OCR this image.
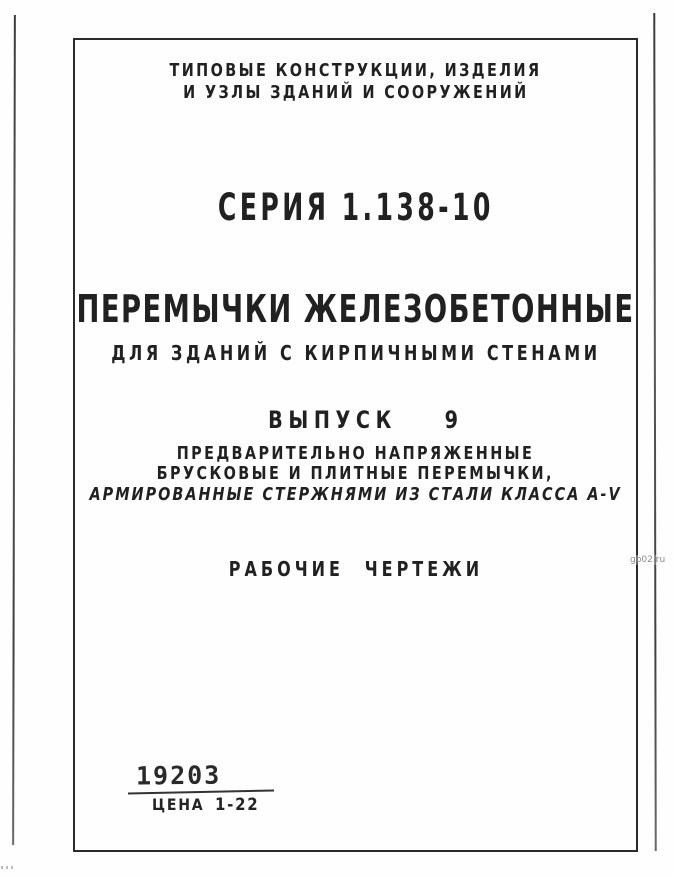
ТИПОВЫЕ КОНСТРУКЦИИ, ИЗДЕЛИЯ
И УЗЛЫ ЗДАНИЙ И СООРУЖЕНИЙ
СЕРИЯ 1.138-10
ПЕРЕМЫЧКИ ЖЕЛЕЗОБЕТОННЫЕ
ДЛЯ ЗДАНИЙ С КИРПИЧНЫМИ СТЕНАМИ
ВЫПУСК 9
ПРЕДВАРИТЕЛЬНО НАПРЯЖЕННЫЕ
БРУСКОВЫЕ И ПЛИТНЫЕ ПЕРЕМЫЧКИ,
АРМИРОВАННЫЕ СТЕРЖНЯМИ ИЗ СТАЛИ КЛАССА А-V
РАБОЧИЕ ЧЕРТЕЖИ
19203
ЦЕНА 1-22
gb02.ru
